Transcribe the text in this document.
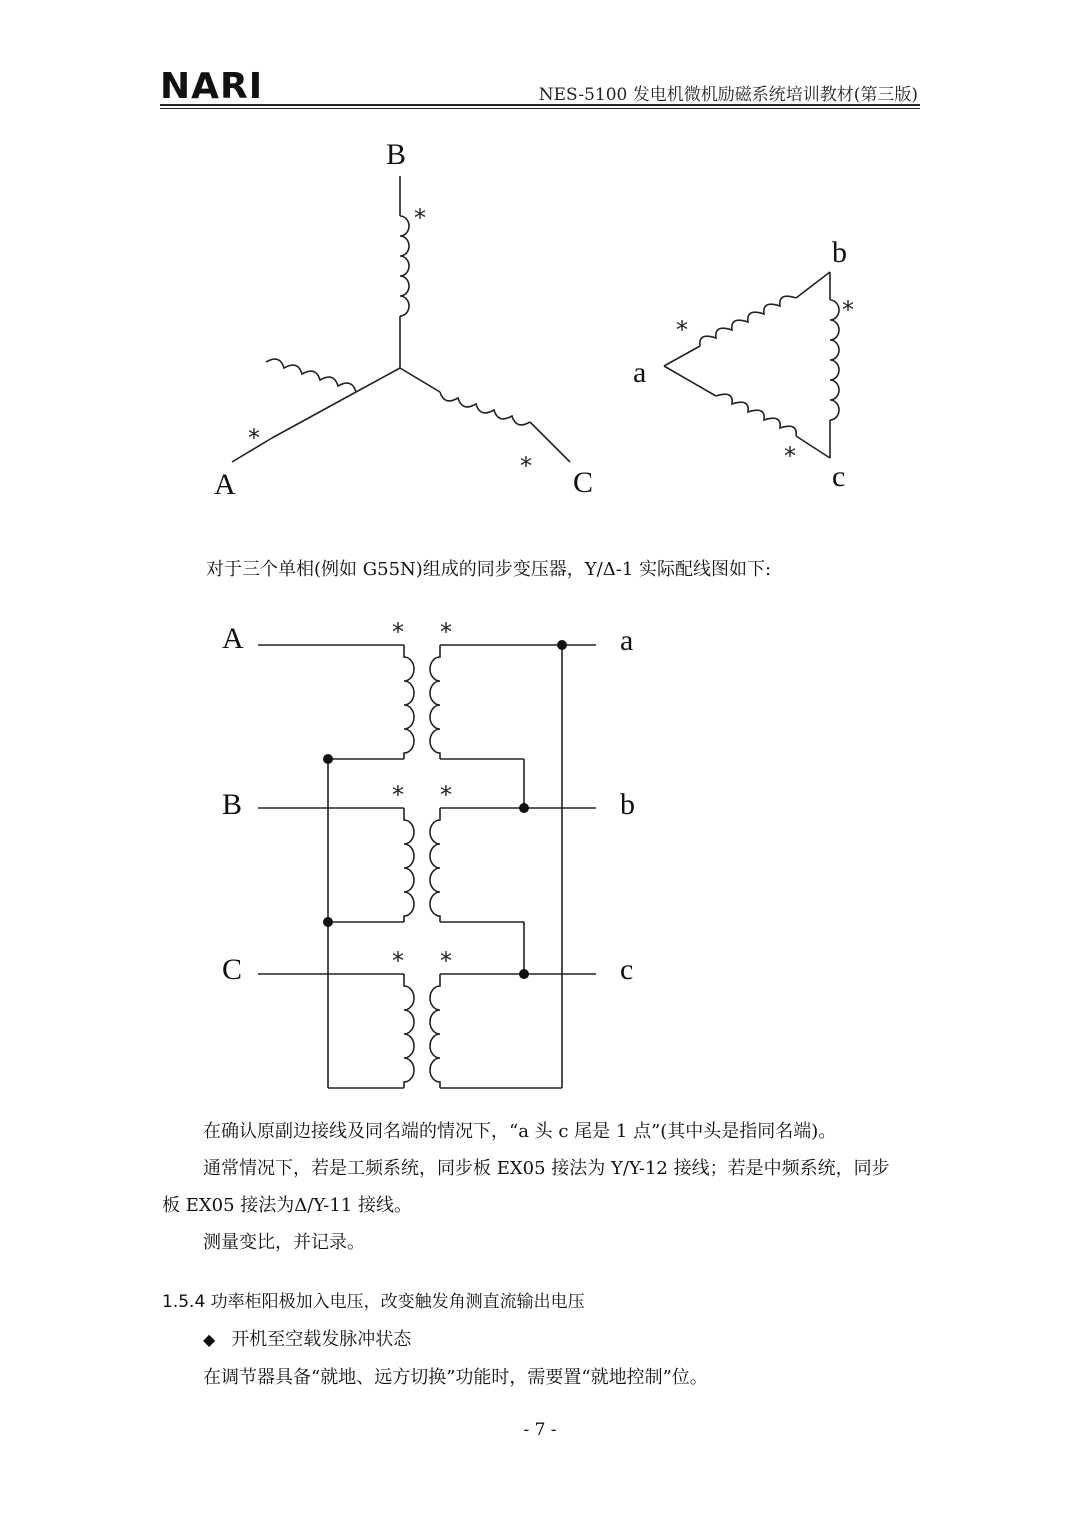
NARI	NES-5100 发电机微机励磁系统培训教材(第三版)
B
A	C
*
*
*
a
b
c
*
*
*
对于三个单相(例如 G55N)组成的同步变压器，Y/Δ-1 实际配线图如下:
A
B
C
a
b
c
* *
* *
* *
在确认原副边接线及同名端的情况下，“a 头 c 尾是 1 点”(其中头是指同名端)。
通常情况下，若是工频系统，同步板 EX05 接法为 Y/Y-12 接线；若是中频系统，同步
板 EX05 接法为Δ/Y-11 接线。
测量变比，并记录。
1.5.4 功率柜阳极加入电压，改变触发角测直流输出电压
◆ 开机至空载发脉冲状态
在调节器具备“就地、远方切换”功能时，需要置“就地控制”位。
- 7 -
